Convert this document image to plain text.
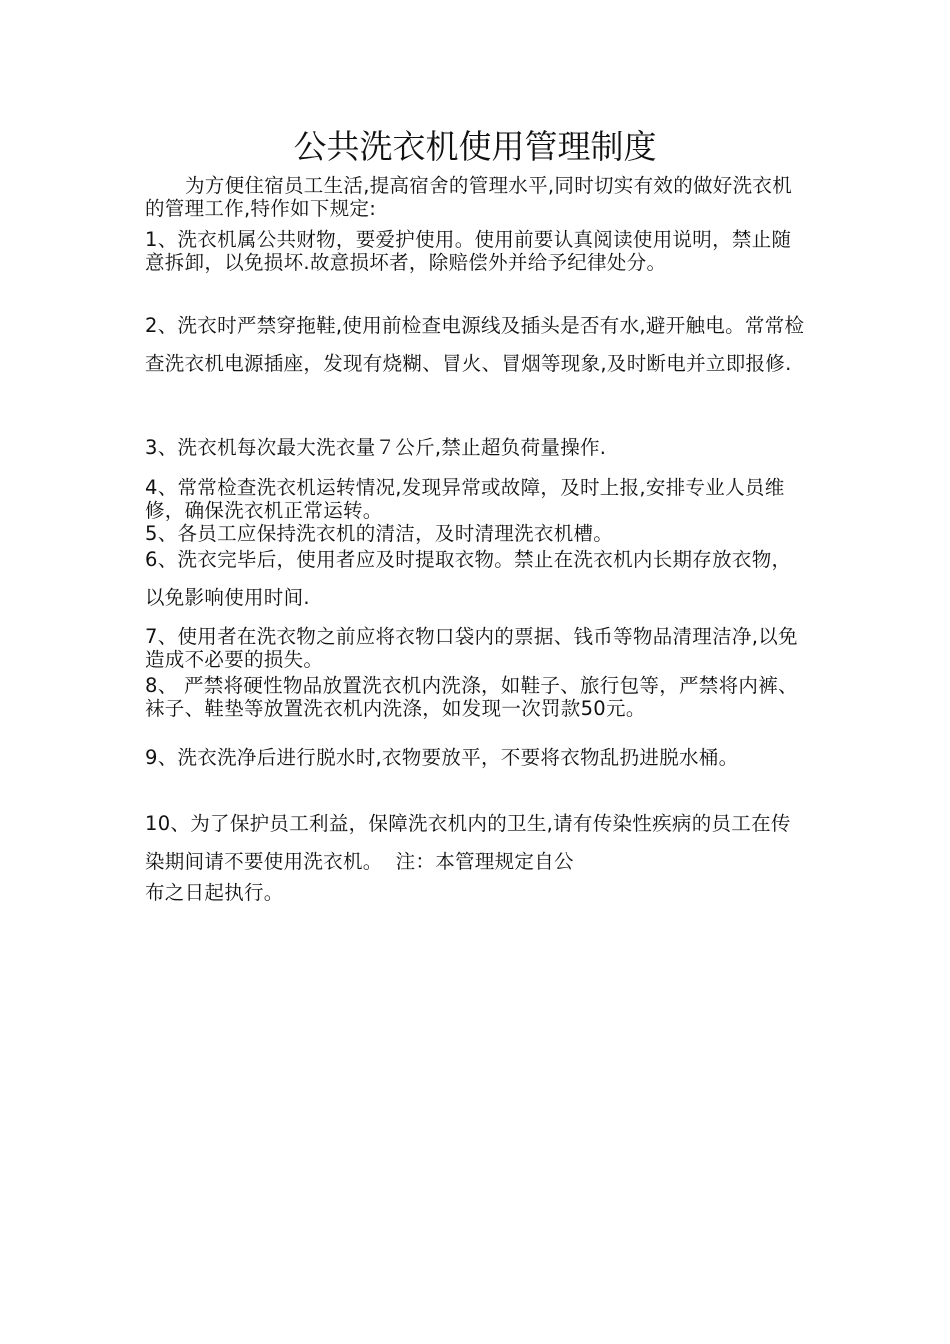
公共洗衣机使用管理制度

为方便住宿员工生活,提高宿舍的管理水平,同时切实有效的做好洗衣机的管理工作,特作如下规定:

1、洗衣机属公共财物，要爱护使用。使用前要认真阅读使用说明，禁止随意拆卸，以免损坏.故意损坏者，除赔偿外并给予纪律处分。

2、洗衣时严禁穿拖鞋,使用前检查电源线及插头是否有水,避开触电。常常检查洗衣机电源插座，发现有烧糊、冒火、冒烟等现象,及时断电并立即报修.

3、洗衣机每次最大洗衣量７公斤,禁止超负荷量操作.

4、常常检查洗衣机运转情况,发现异常或故障，及时上报,安排专业人员维修，确保洗衣机正常运转。

5、各员工应保持洗衣机的清洁，及时清理洗衣机槽。

6、洗衣完毕后，使用者应及时提取衣物。禁止在洗衣机内长期存放衣物，以免影响使用时间.

7、使用者在洗衣物之前应将衣物口袋内的票据、钱币等物品清理洁净,以免造成不必要的损失。

8、 严禁将硬性物品放置洗衣机内洗涤，如鞋子、旅行包等，严禁将内裤、袜子、鞋垫等放置洗衣机内洗涤，如发现一次罚款50元。

9、洗衣洗净后进行脱水时,衣物要放平，不要将衣物乱扔进脱水桶。

10、为了保护员工利益，保障洗衣机内的卫生,请有传染性疾病的员工在传染期间请不要使用洗衣机。  注：本管理规定自公
布之日起执行。
